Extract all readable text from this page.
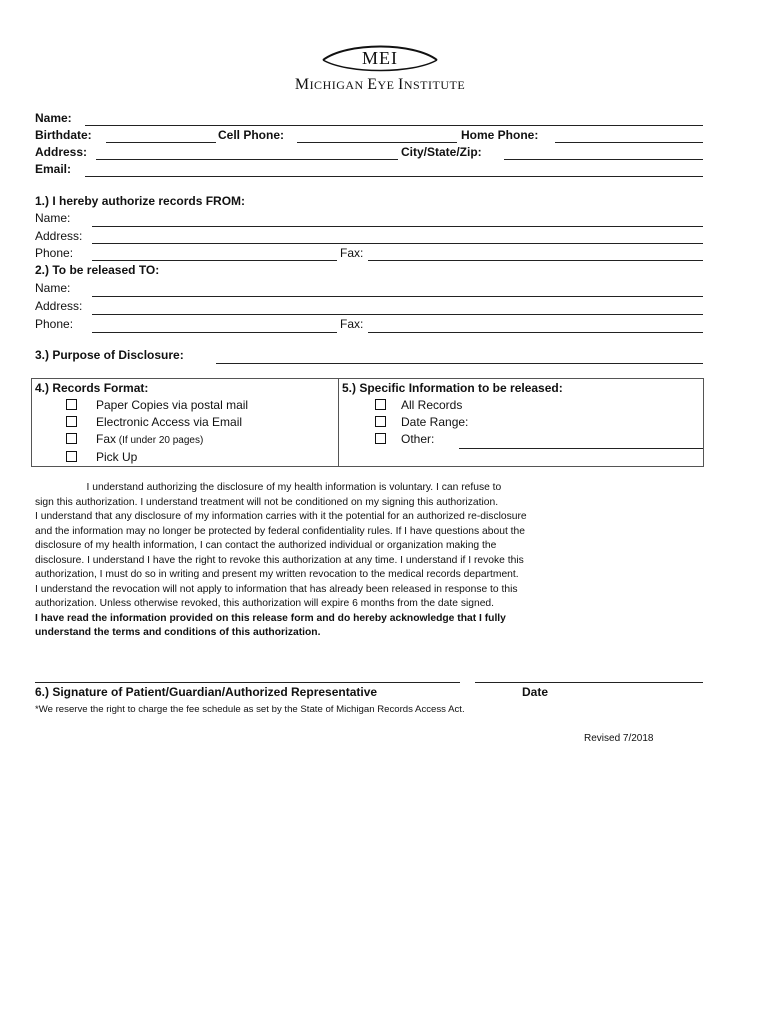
MEI
MICHIGAN EYE INSTITUTE
Name:
Birthdate:	Cell Phone:	Home Phone:
Address:	City/State/Zip:
Email:
1.) I hereby authorize records FROM:
Name:
Address:
Phone:	Fax:
2.) To be released TO:
Name:
Address:
Phone:	Fax:
3.) Purpose of Disclosure:
4.) Records Format:
Paper Copies via postal mail
Electronic Access via Email
Fax (If under 20 pages)
Pick Up
5.) Specific Information to be released:
All Records
Date Range:
Other:
I understand authorizing the disclosure of my health information is voluntary. I can refuse to
sign this authorization. I understand treatment will not be conditioned on my signing this authorization.
I understand that any disclosure of my information carries with it the potential for an authorized re-disclosure
and the information may no longer be protected by federal confidentiality rules. If I have questions about the
disclosure of my health information, I can contact the authorized individual or organization making the
disclosure. I understand I have the right to revoke this authorization at any time. I understand if I revoke this
authorization, I must do so in writing and present my written revocation to the medical records department.
I understand the revocation will not apply to information that has already been released in response to this
authorization. Unless otherwise revoked, this authorization will expire 6 months from the date signed.
I have read the information provided on this release form and do hereby acknowledge that I fully
understand the terms and conditions of this authorization.
6.) Signature of Patient/Guardian/Authorized Representative	Date
*We reserve the right to charge the fee schedule as set by the State of Michigan Records Access Act.
Revised 7/2018
